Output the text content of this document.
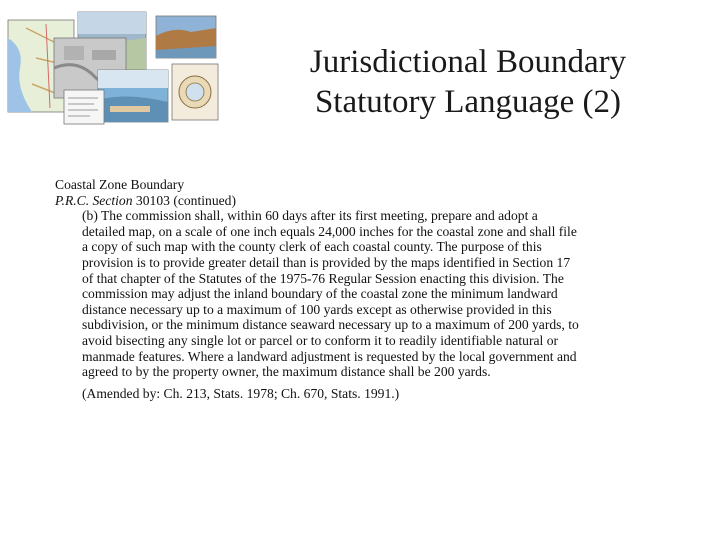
Jurisdictional Boundary
Statutory Language (2)

Coastal Zone Boundary

P.R.C. Section 30103 (continued)

(b) The commission shall, within 60 days after its first meeting, prepare and adopt a

detailed map, on a scale of one inch equals 24,000 inches for the coastal zone and shall file

a copy of such map with the county clerk of each coastal county. The purpose of this

provision is to provide greater detail than is provided by the maps identified in Section 17

of that chapter of the Statutes of the 1975-76 Regular Session enacting this division. The

commission may adjust the inland boundary of the coastal zone the minimum landward

distance necessary up to a maximum of 100 yards except as otherwise provided in this

subdivision, or the minimum distance seaward necessary up to a maximum of 200 yards, to

avoid bisecting any single lot or parcel or to conform it to readily identifiable natural or

manmade features. Where a landward adjustment is requested by the local government and

agreed to by the property owner, the maximum distance shall be 200 yards.

(Amended by: Ch. 213, Stats. 1978; Ch. 670, Stats. 1991.)
